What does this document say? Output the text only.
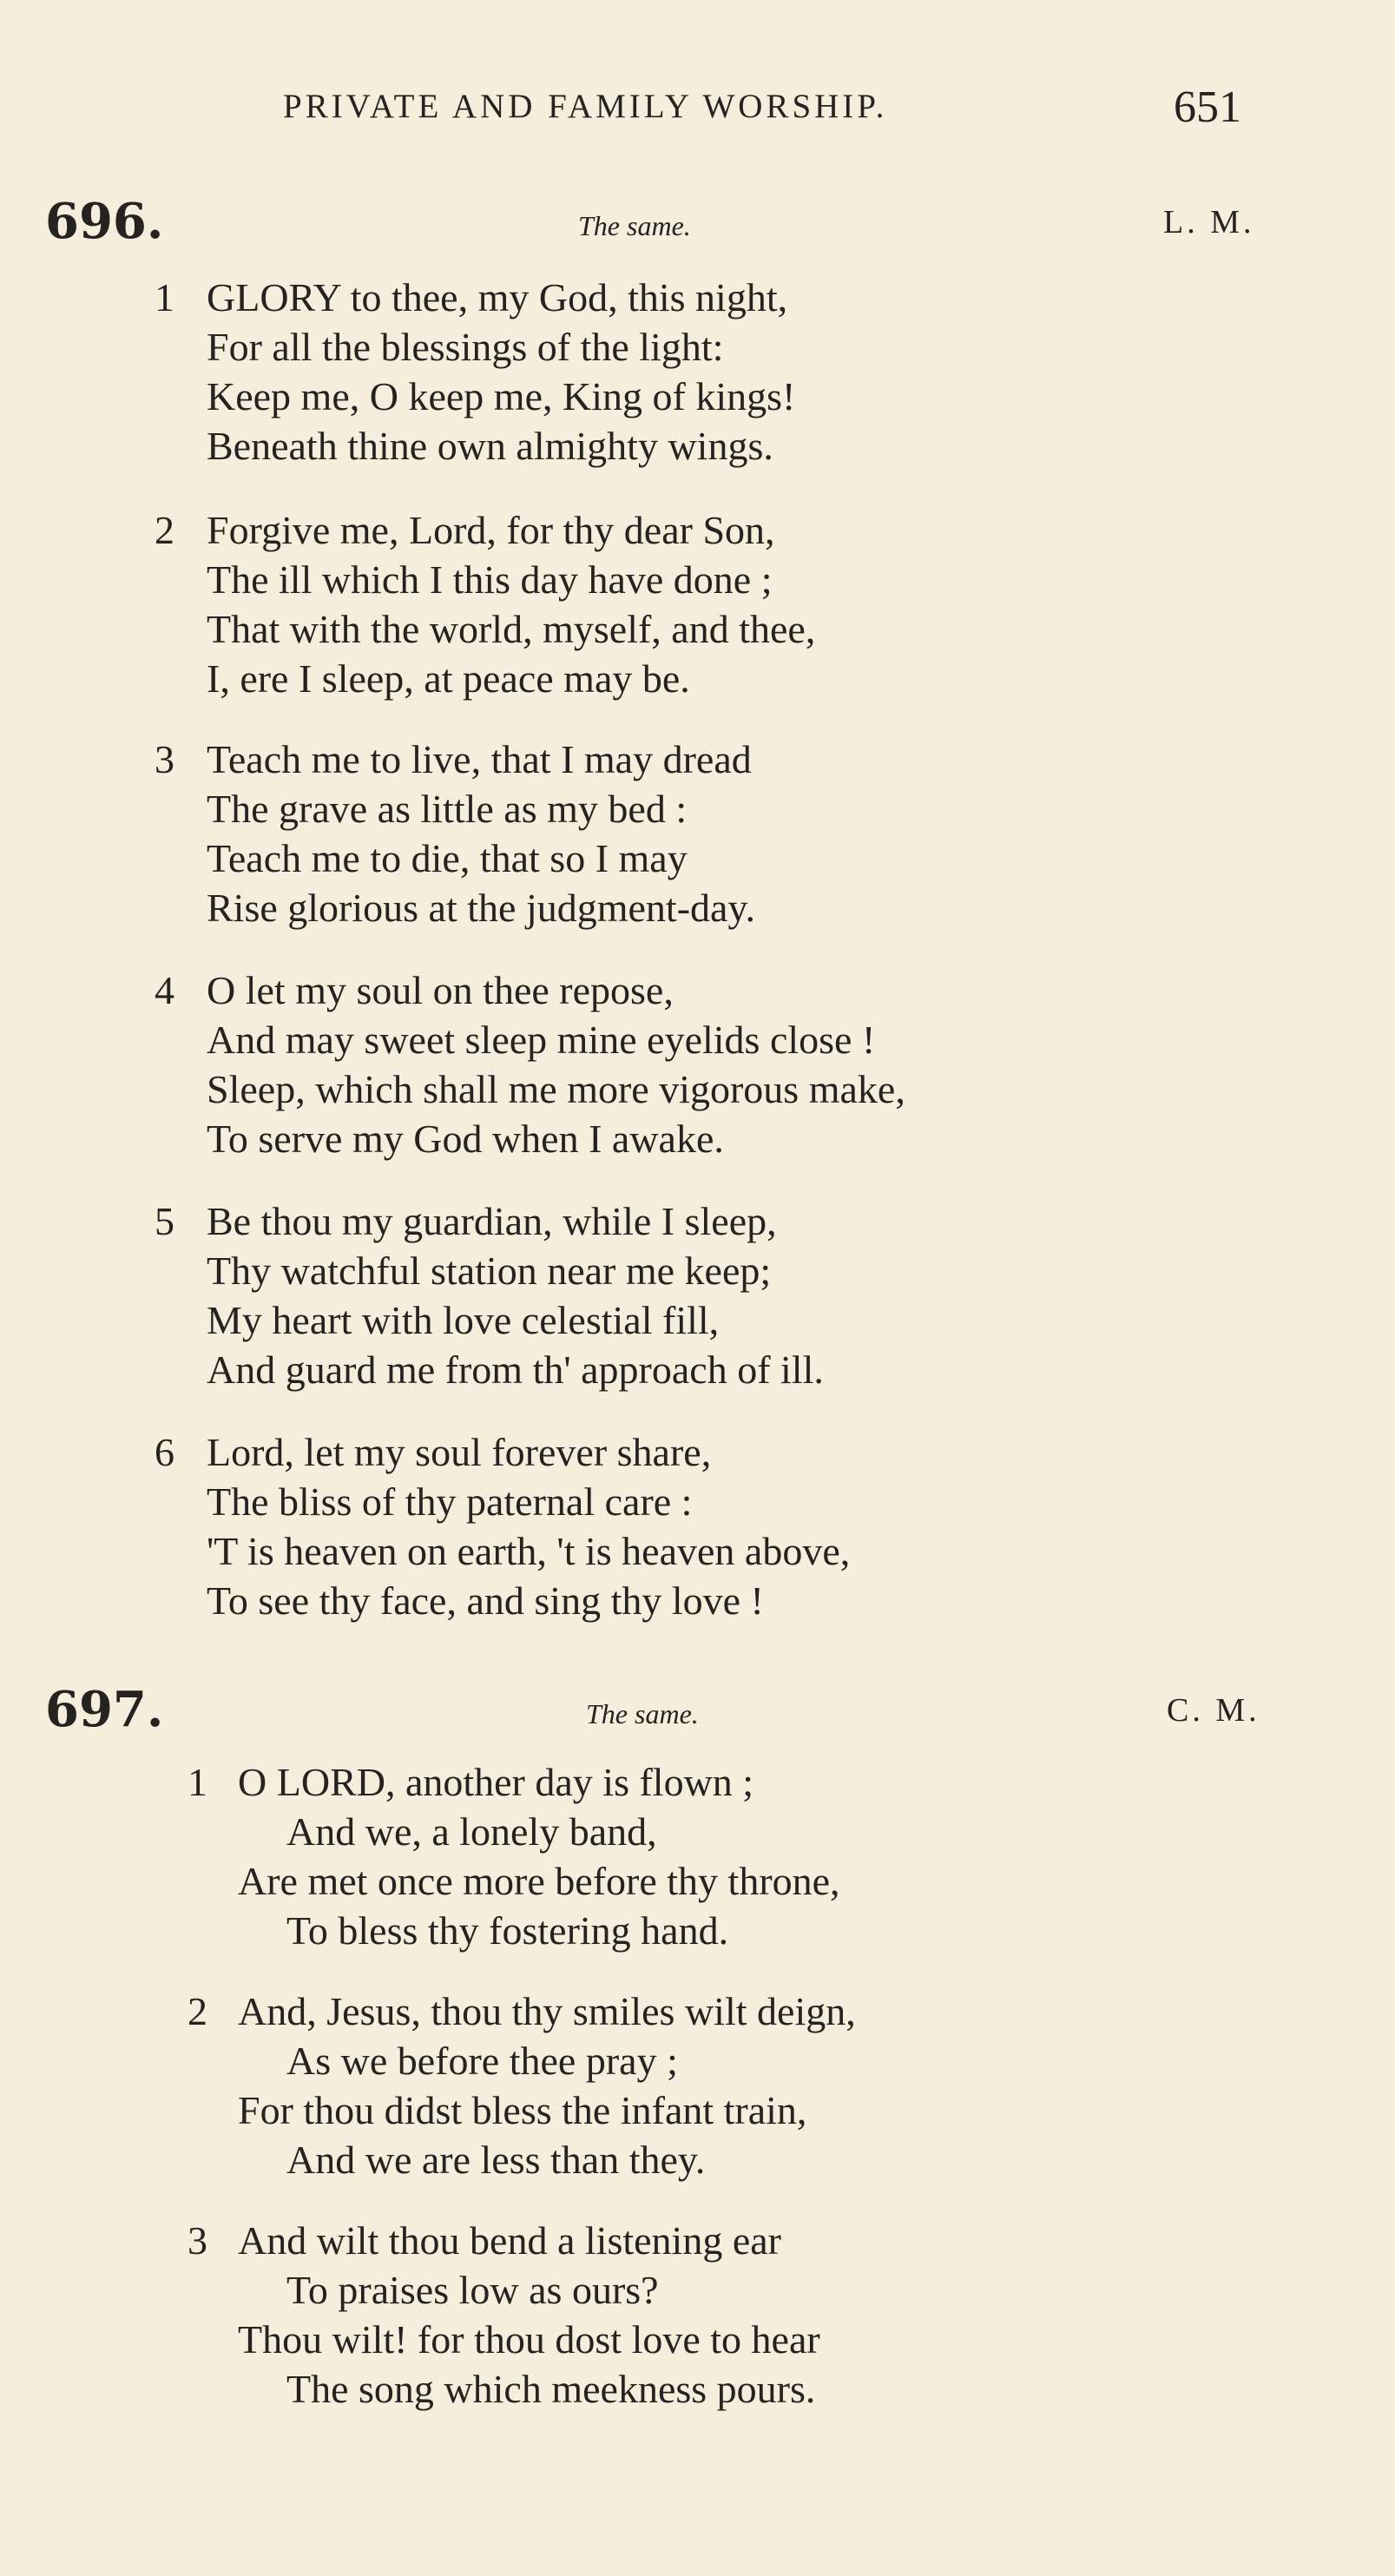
PRIVATE AND FAMILY WORSHIP.	651
696.	The same.	L. M.
1 GLORY to thee, my God, this night,
For all the blessings of the light:
Keep me, O keep me, King of kings!
Beneath thine own almighty wings.
2 Forgive me, Lord, for thy dear Son,
The ill which I this day have done ;
That with the world, myself, and thee,
I, ere I sleep, at peace may be.
3 Teach me to live, that I may dread
The grave as little as my bed :
Teach me to die, that so I may
Rise glorious at the judgment-day.
4 O let my soul on thee repose,
And may sweet sleep mine eyelids close !
Sleep, which shall me more vigorous make,
To serve my God when I awake.
5 Be thou my guardian, while I sleep,
Thy watchful station near me keep;
My heart with love celestial fill,
And guard me from th' approach of ill.
6 Lord, let my soul forever share,
The bliss of thy paternal care :
'T is heaven on earth, 't is heaven above,
To see thy face, and sing thy love !
697.	The same.	C. M.
1 O LORD, another day is flown ;
And we, a lonely band,
Are met once more before thy throne,
To bless thy fostering hand.
2 And, Jesus, thou thy smiles wilt deign,
As we before thee pray ;
For thou didst bless the infant train,
And we are less than they.
3 And wilt thou bend a listening ear
To praises low as ours?
Thou wilt! for thou dost love to hear
The song which meekness pours.
